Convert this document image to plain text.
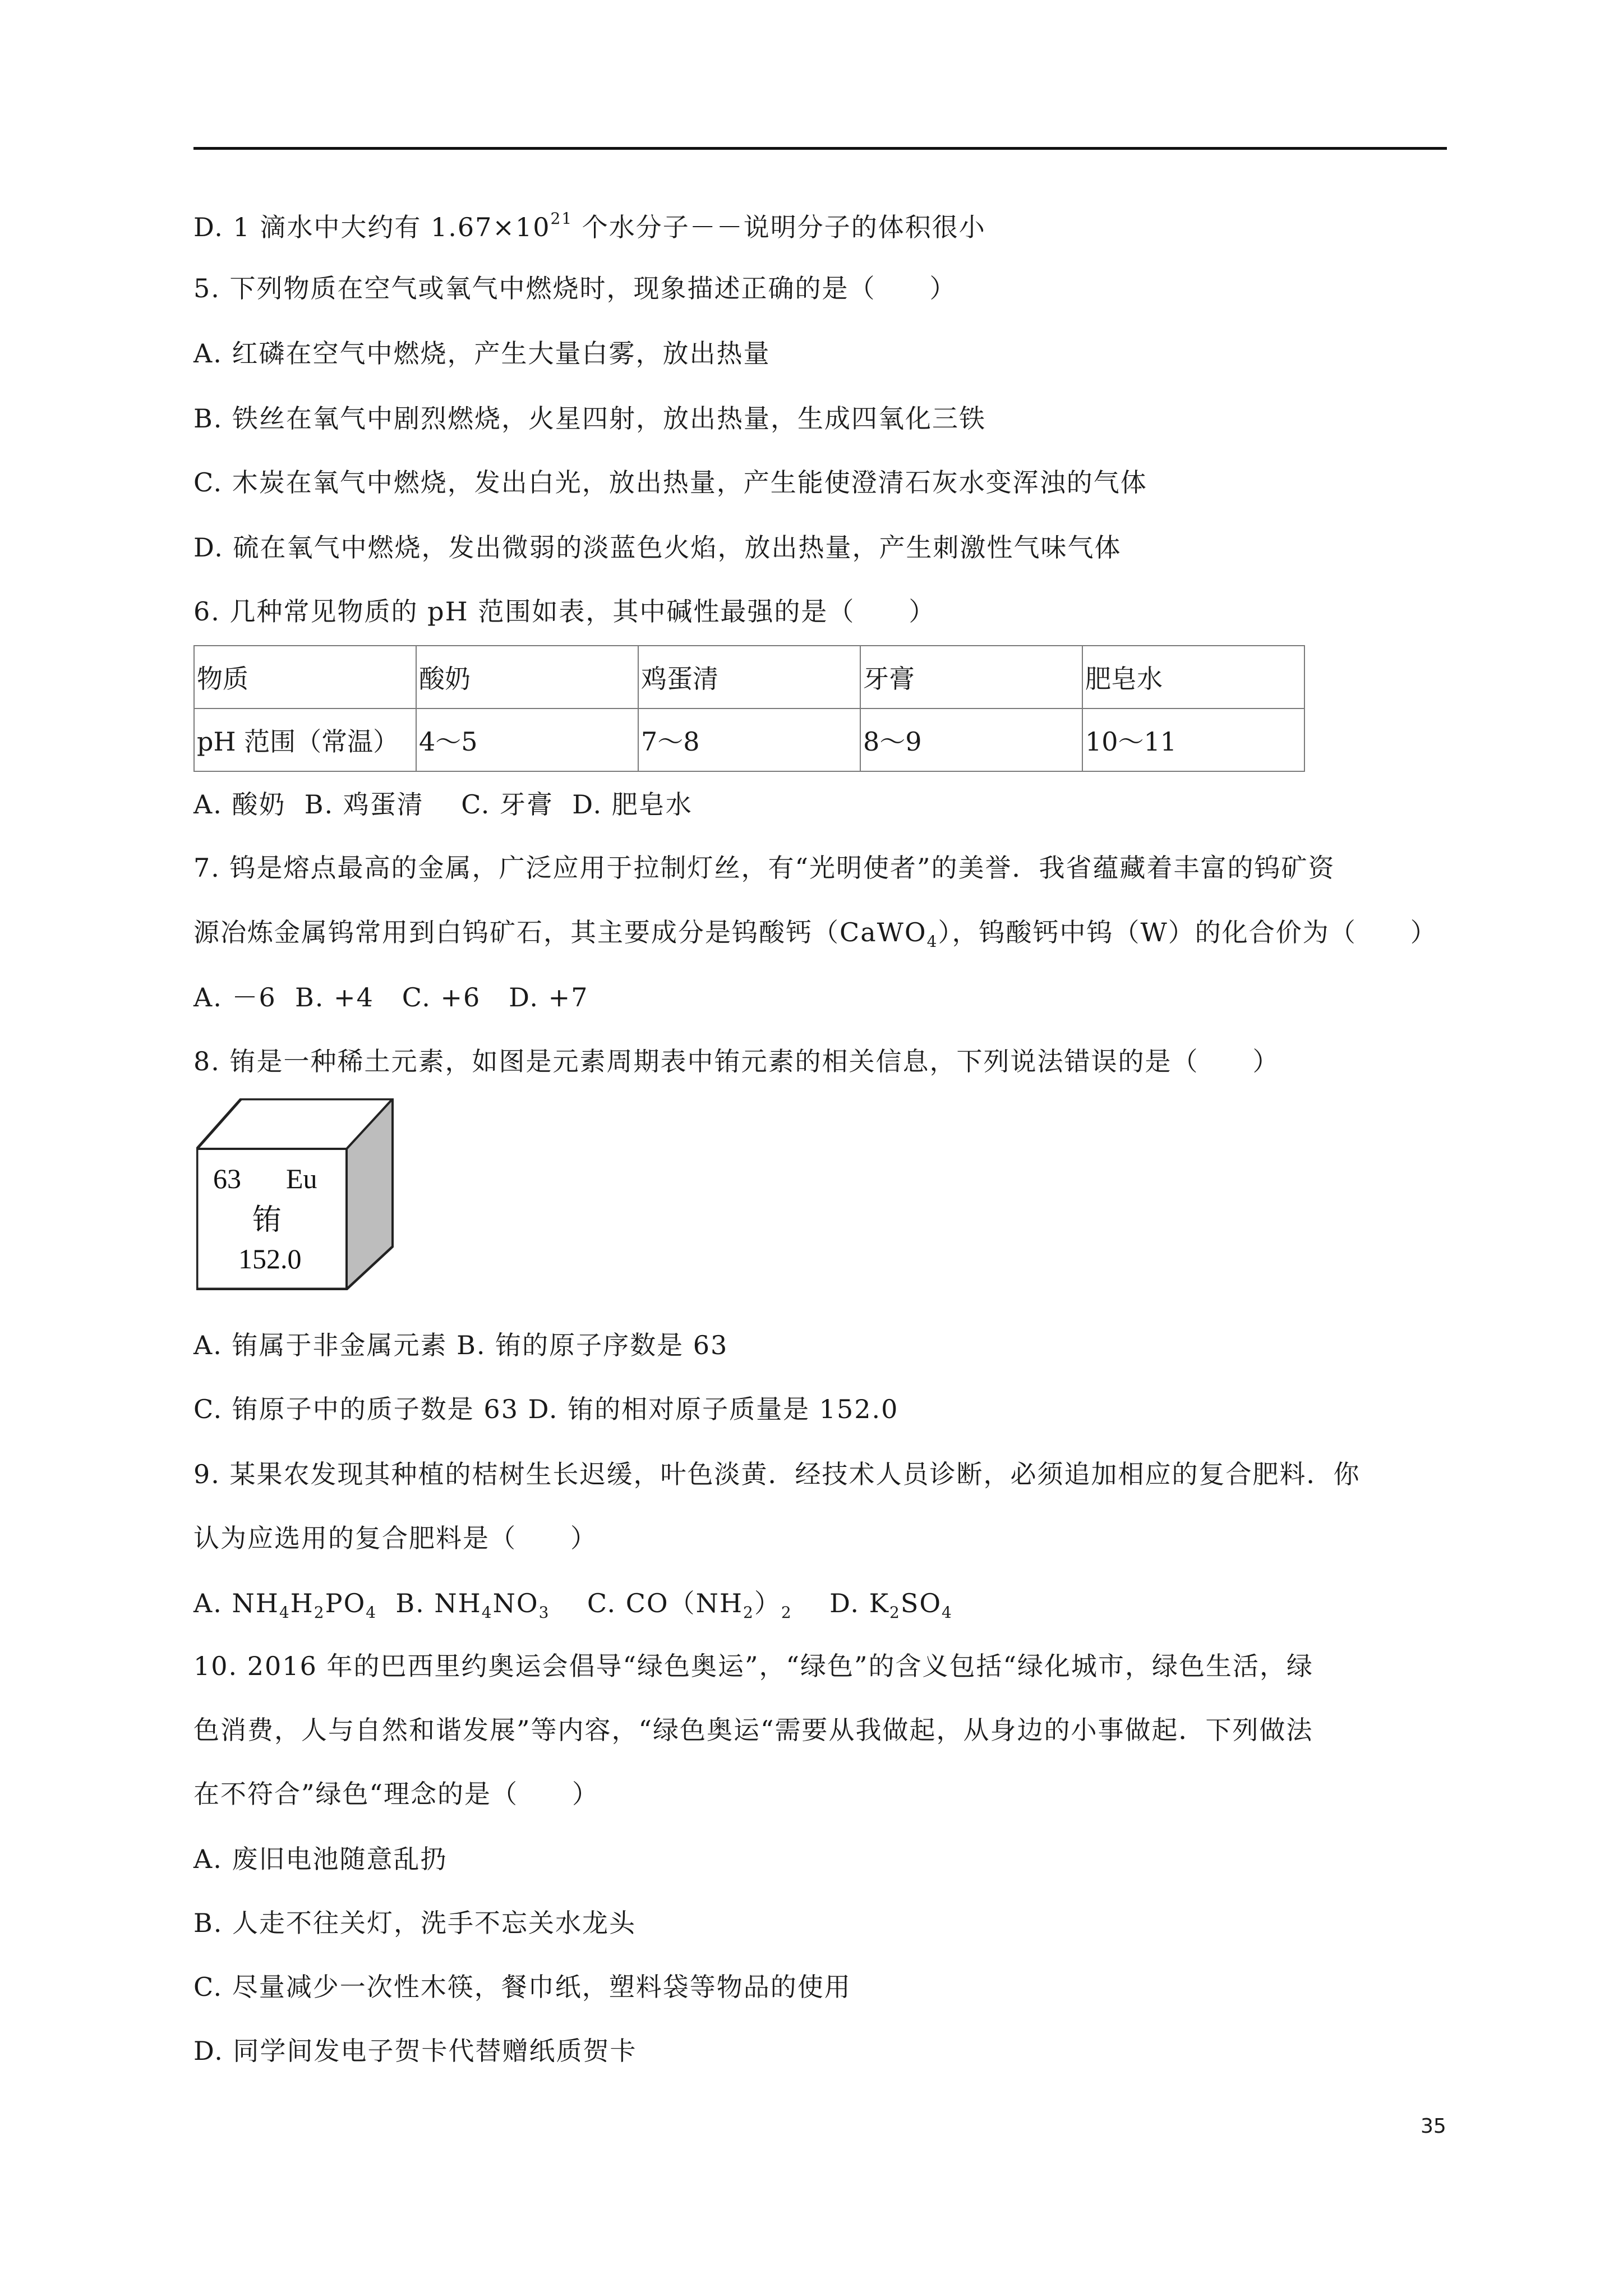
D. 1 滴水中大约有 $1.67\times 10^{21}$ 个水分子－－说明分子的体积很小
5. 下列物质在空气或氧气中燃烧时，现象描述正确的是（　　）
A. 红磷在空气中燃烧，产生大量白雾，放出热量
B. 铁丝在氧气中剧烈燃烧，火星四射，放出热量，生成四氧化三铁
C. 木炭在氧气中燃烧，发出白光，放出热量，产生能使澄清石灰水变浑浊的气体
D. 硫在氧气中燃烧，发出微弱的淡蓝色火焰，放出热量，产生刺激性气味气体
6. 几种常见物质的 pH 范围如表，其中碱性最强的是（　　）
物质	酸奶	鸡蛋清	牙膏	肥皂水
pH 范围（常温）	4～5	7～8	8～9	10～11
A. 酸奶  B. 鸡蛋清    C. 牙膏  D. 肥皂水
7. 钨是熔点最高的金属，广泛应用于拉制灯丝，有“光明使者”的美誉．我省蕴藏着丰富的钨矿资
源冶炼金属钨常用到白钨矿石，其主要成分是钨酸钙（CaWO$_4$），钨酸钙中钨（W）的化合价为（　　）
A. －6  B. +4   C. +6   D. +7
8. 铕是一种稀土元素，如图是元素周期表中铕元素的相关信息，下列说法错误的是（　　）
63 Eu
铕
152.0
A. 铕属于非金属元素 B. 铕的原子序数是 63
C. 铕原子中的质子数是 63 D. 铕的相对原子质量是 152.0
9. 某果农发现其种植的桔树生长迟缓，叶色淡黄．经技术人员诊断，必须追加相应的复合肥料．你
认为应选用的复合肥料是（　　）
A. $NH_4H_2PO_4$  B. $NH_4NO_3$    C. $CO(NH_2)_2$    D. $K_2SO_4$
10. 2016 年的巴西里约奥运会倡导“绿色奥运”，“绿色”的含义包括“绿化城市，绿色生活，绿
色消费，人与自然和谐发展”等内容，“绿色奥运“需要从我做起，从身边的小事做起．下列做法
在不符合”绿色“理念的是（　　）
A. 废旧电池随意乱扔
B. 人走不往关灯，洗手不忘关水龙头
C. 尽量减少一次性木筷，餐巾纸，塑料袋等物品的使用
D. 同学间发电子贺卡代替赠纸质贺卡
35
